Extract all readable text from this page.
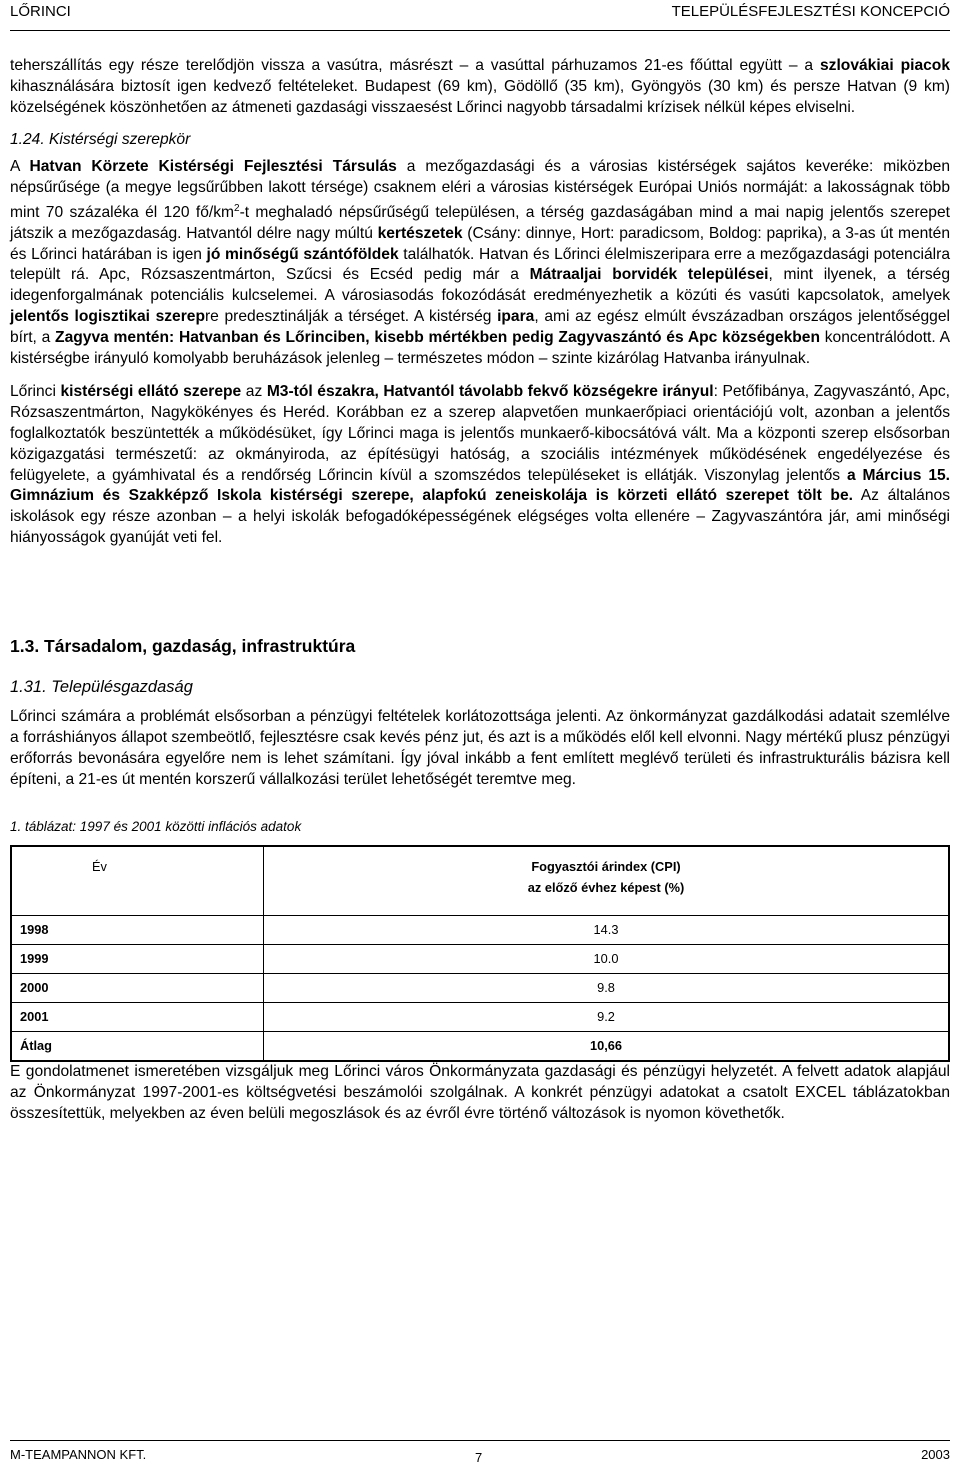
LŐRINCI	TELEPÜLÉSFEJLESZTÉSI KONCEPCIÓ

teherszállítás egy része terelődjön vissza a vasútra, másrészt – a vasúttal párhuzamos 21-es főúttal együtt – a szlovákiai piacok kihasználására biztosít igen kedvező feltételeket. Budapest (69 km), Gödöllő (35 km), Gyöngyös (30 km) és persze Hatvan (9 km) közelségének köszönhetően az átmeneti gazdasági visszaesést Lőrinci nagyobb társadalmi krízisek nélkül képes elviselni.

1.24. Kistérségi szerepkör

A Hatvan Körzete Kistérségi Fejlesztési Társulás a mezőgazdasági és a városias kistérségek sajátos keveréke: miközben népsűrűsége (a megye legsűrűbben lakott térsége) csaknem eléri a városias kistérségek Európai Uniós normáját: a lakosságnak több mint 70 százaléka él 120 $fő/km^2-t$ meghaladó népsűrűségű településen, a térség gazdaságában mind a mai napig jelentős szerepet játszik a mezőgazdaság. Hatvantól délre nagy múltú kertészetek (Csány: dinnye, Hort: paradicsom, Boldog: paprika), a 3-as út mentén és Lőrinci határában is igen jó minőségű szántóföldek találhatók. Hatvan és Lőrinci élelmiszeripara erre a mezőgazdasági potenciálra települt rá. Apc, Rózsaszentmárton, Szűcsi és Ecséd pedig már a Mátraaljai borvidék települései, mint ilyenek, a térség idegenforgalmának potenciális kulcselemei. A városiasodás fokozódását eredményezhetik a közúti és vasúti kapcsolatok, amelyek jelentős logisztikai szerepre predesztinálják a térséget. A kistérség ipara, ami az egész elmúlt évszázadban országos jelentőséggel bírt, a Zagyva mentén: Hatvanban és Lőrinciben, kisebb mértékben pedig Zagyvaszántó és Apc községekben koncentrálódott. A kistérségbe irányuló komolyabb beruházások jelenleg – természetes módon – szinte kizárólag Hatvanba irányulnak.

Lőrinci kistérségi ellátó szerepe az M3-tól északra, Hatvantól távolabb fekvő községekre irányul: Petőfibánya, Zagyvaszántó, Apc, Rózsaszentmárton, Nagykökényes és Heréd. Korábban ez a szerep alapvetően munkaerőpiaci orientációjú volt, azonban a jelentős foglalkoztatók beszüntették a működésüket, így Lőrinci maga is jelentős munkaerő-kibocsátóvá vált. Ma a központi szerep elsősorban közigazgatási természetű: az okmányiroda, az építésügyi hatóság, a szociális intézmények működésének engedélyezése és felügyelete, a gyámhivatal és a rendőrség Lőrincin kívül a szomszédos településeket is ellátják. Viszonylag jelentős a Március 15. Gimnázium és Szakképző Iskola kistérségi szerepe, alapfokú zeneiskolája is körzeti ellátó szerepet tölt be. Az általános iskolások egy része azonban – a helyi iskolák befogadóképességének elégséges volta ellenére – Zagyvaszántóra jár, ami minőségi hiányosságok gyanúját veti fel.

1.3. Társadalom, gazdaság, infrastruktúra
1.31. Településgazdaság

Lőrinci számára a problémát elsősorban a pénzügyi feltételek korlátozottsága jelenti. Az önkormányzat gazdálkodási adatait szemlélve a forráshiányos állapot szembeötlő, fejlesztésre csak kevés pénz jut, és azt is a működés elől kell elvonni. Nagy mértékű plusz pénzügyi erőforrás bevonására egyelőre nem is lehet számítani. Így jóval inkább a fent említett meglévő területi és infrastrukturális bázisra kell építeni, a 21-es út mentén korszerű vállalkozási terület lehetőségét teremtve meg.

1. táblázat: 1997 és 2001 közötti inflációs adatok
Év	Fogyasztói árindex (CPI)
az előző évhez képest (%)
1998	14.3
1999	10.0
2000	9.8
2001	9.2
Átlag	10,66

E gondolatmenet ismeretében vizsgáljuk meg Lőrinci város Önkormányzata gazdasági és pénzügyi helyzetét. A felvett adatok alapjául az Önkormányzat 1997-2001-es költségvetési beszámolói szolgálnak. A konkrét pénzügyi adatokat a csatolt EXCEL táblázatokban összesítettük, melyekben az éven belüli megoszlások és az évről évre történő változások is nyomon követhetők.

M-TEAMPANNON KFT.	7	2003
